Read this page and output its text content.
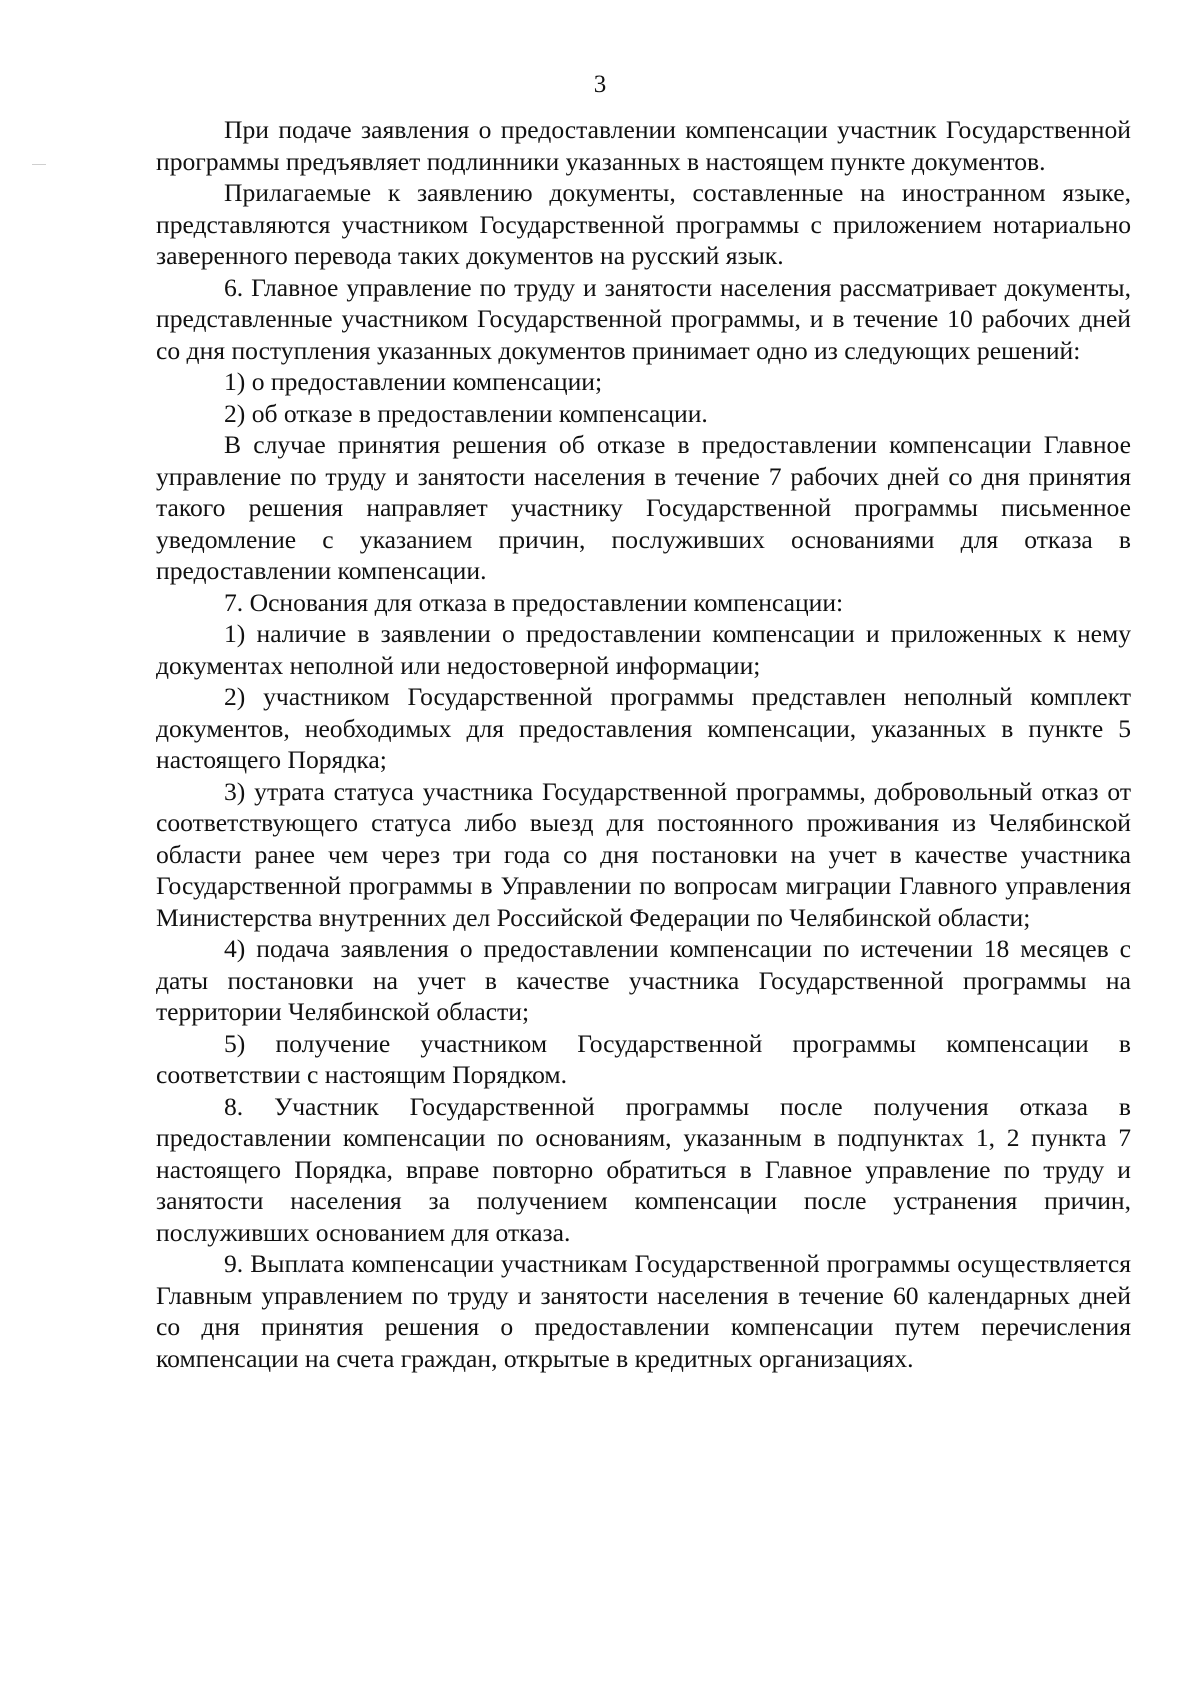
3

При подаче заявления о предоставлении компенсации участник Государственной программы предъявляет подлинники указанных в настоящем пункте документов.

Прилагаемые к заявлению документы, составленные на иностранном языке, представляются участником Государственной программы с приложением нотариально заверенного перевода таких документов на русский язык.

6. Главное управление по труду и занятости населения рассматривает документы, представленные участником Государственной программы, и в течение 10 рабочих дней со дня поступления указанных документов принимает одно из следующих решений:

1) о предоставлении компенсации;

2) об отказе в предоставлении компенсации.

В случае принятия решения об отказе в предоставлении компенсации Главное управление по труду и занятости населения в течение 7 рабочих дней со дня принятия такого решения направляет участнику Государственной программы письменное уведомление с указанием причин, послуживших основаниями для отказа в предоставлении компенсации.

7. Основания для отказа в предоставлении компенсации:

1) наличие в заявлении о предоставлении компенсации и приложенных к нему документах неполной или недостоверной информации;

2) участником Государственной программы представлен неполный комплект документов, необходимых для предоставления компенсации, указанных в пункте 5 настоящего Порядка;

3) утрата статуса участника Государственной программы, добровольный отказ от соответствующего статуса либо выезд для постоянного проживания из Челябинской области ранее чем через три года со дня постановки на учет в качестве участника Государственной программы в Управлении по вопросам миграции Главного управления Министерства внутренних дел Российской Федерации по Челябинской области;

4) подача заявления о предоставлении компенсации по истечении 18 месяцев с даты постановки на учет в качестве участника Государственной программы на территории Челябинской области;

5) получение участником Государственной программы компенсации в соответствии с настоящим Порядком.

8. Участник Государственной программы после получения отказа в предоставлении компенсации по основаниям, указанным в подпунктах 1, 2 пункта 7 настоящего Порядка, вправе повторно обратиться в Главное управление по труду и занятости населения за получением компенсации после устранения причин, послуживших основанием для отказа.

9. Выплата компенсации участникам Государственной программы осуществляется Главным управлением по труду и занятости населения в течение 60 календарных дней со дня принятия решения о предоставлении компенсации путем перечисления компенсации на счета граждан, открытые в кредитных организациях.
